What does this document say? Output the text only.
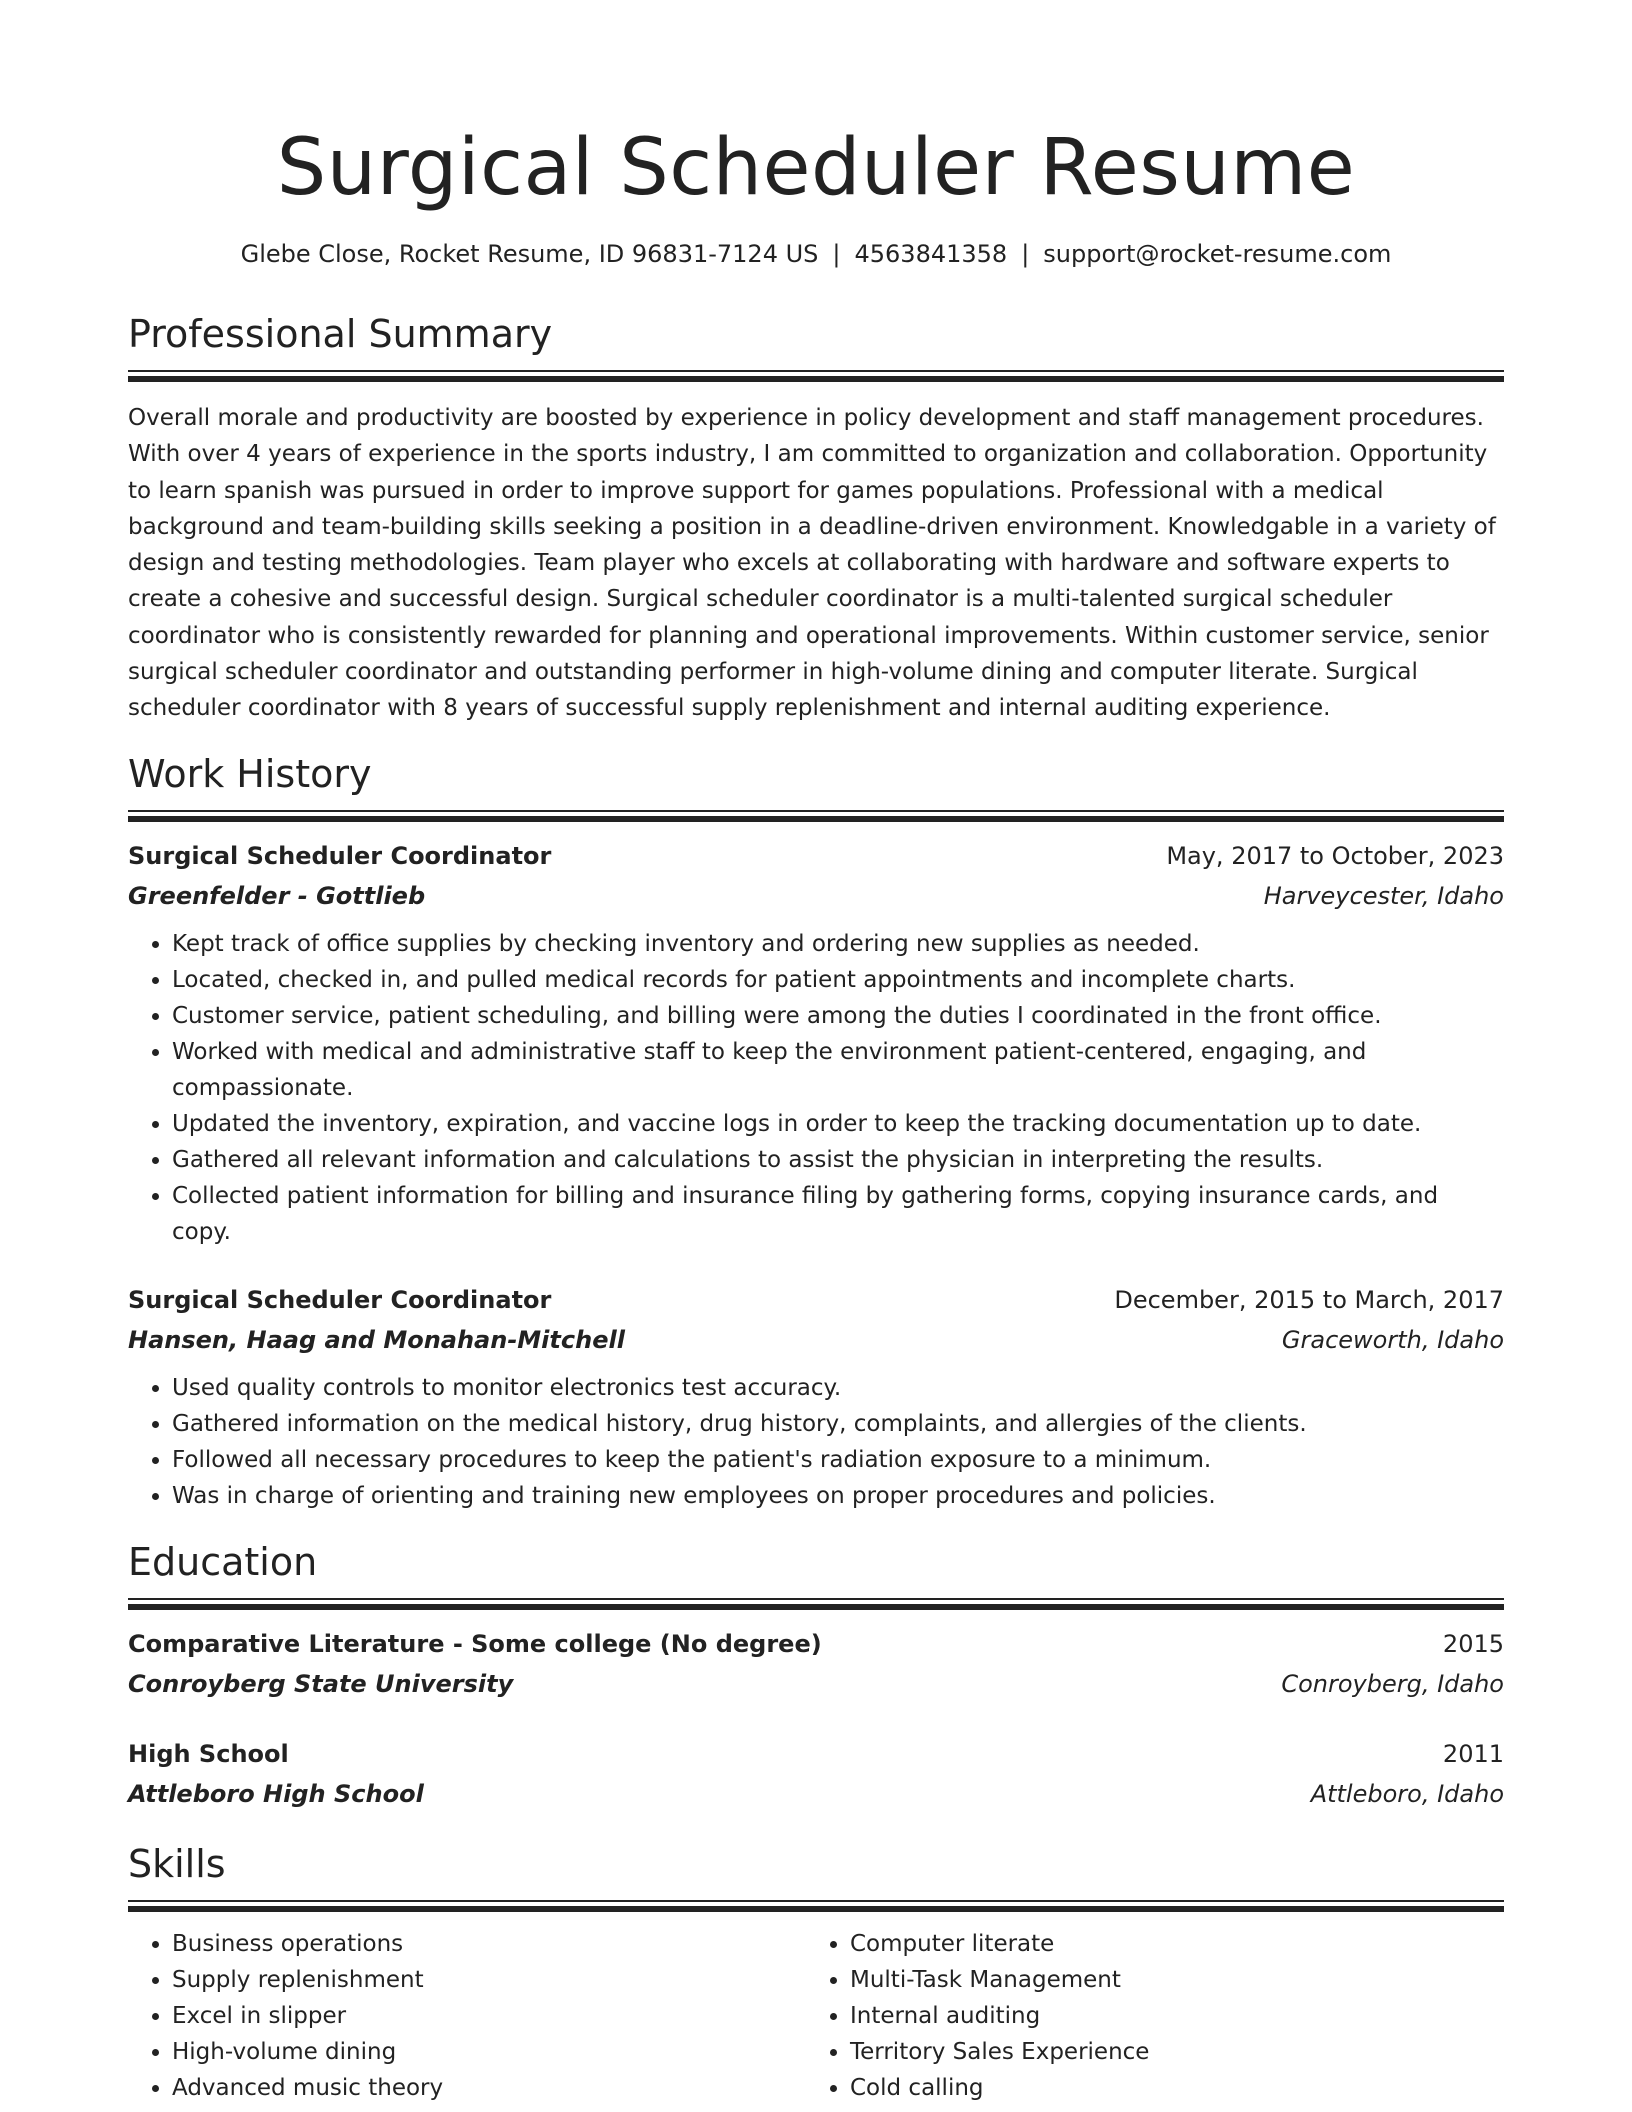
Surgical Scheduler Resume
Glebe Close, Rocket Resume, ID 96831-7124 US | 4563841358 | support@rocket-resume.com
Professional Summary

Overall morale and productivity are boosted by experience in policy development and staff management procedures. With over 4 years of experience in the sports industry, I am committed to organization and collaboration. Opportunity to learn spanish was pursued in order to improve support for games populations. Professional with a medical background and team-building skills seeking a position in a deadline-driven environment. Knowledgable in a variety of design and testing methodologies. Team player who excels at collaborating with hardware and software experts to create a cohesive and successful design. Surgical scheduler coordinator is a multi-talented surgical scheduler coordinator who is consistently rewarded for planning and operational improvements. Within customer service, senior surgical scheduler coordinator and outstanding performer in high-volume dining and computer literate. Surgical scheduler coordinator with 8 years of successful supply replenishment and internal auditing experience.

Work History
Surgical Scheduler Coordinator	May, 2017 to October, 2023
Greenfelder - Gottlieb	Harveycester, Idaho
• Kept track of office supplies by checking inventory and ordering new supplies as needed.
• Located, checked in, and pulled medical records for patient appointments and incomplete charts.
• Customer service, patient scheduling, and billing were among the duties I coordinated in the front office.
• Worked with medical and administrative staff to keep the environment patient-centered, engaging, and compassionate.
• Updated the inventory, expiration, and vaccine logs in order to keep the tracking documentation up to date.
• Gathered all relevant information and calculations to assist the physician in interpreting the results.
• Collected patient information for billing and insurance filing by gathering forms, copying insurance cards, and copy.
Surgical Scheduler Coordinator	December, 2015 to March, 2017
Hansen, Haag and Monahan-Mitchell	Graceworth, Idaho
• Used quality controls to monitor electronics test accuracy.
• Gathered information on the medical history, drug history, complaints, and allergies of the clients.
• Followed all necessary procedures to keep the patient's radiation exposure to a minimum.
• Was in charge of orienting and training new employees on proper procedures and policies.
Education
Comparative Literature - Some college (No degree)	2015
Conroyberg State University	Conroyberg, Idaho
High School	2011
Attleboro High School	Attleboro, Idaho
Skills
• Business operations
• Supply replenishment
• Excel in slipper
• High-volume dining
• Advanced music theory
• Computer literate
• Multi-Task Management
• Internal auditing
• Territory Sales Experience
• Cold calling
